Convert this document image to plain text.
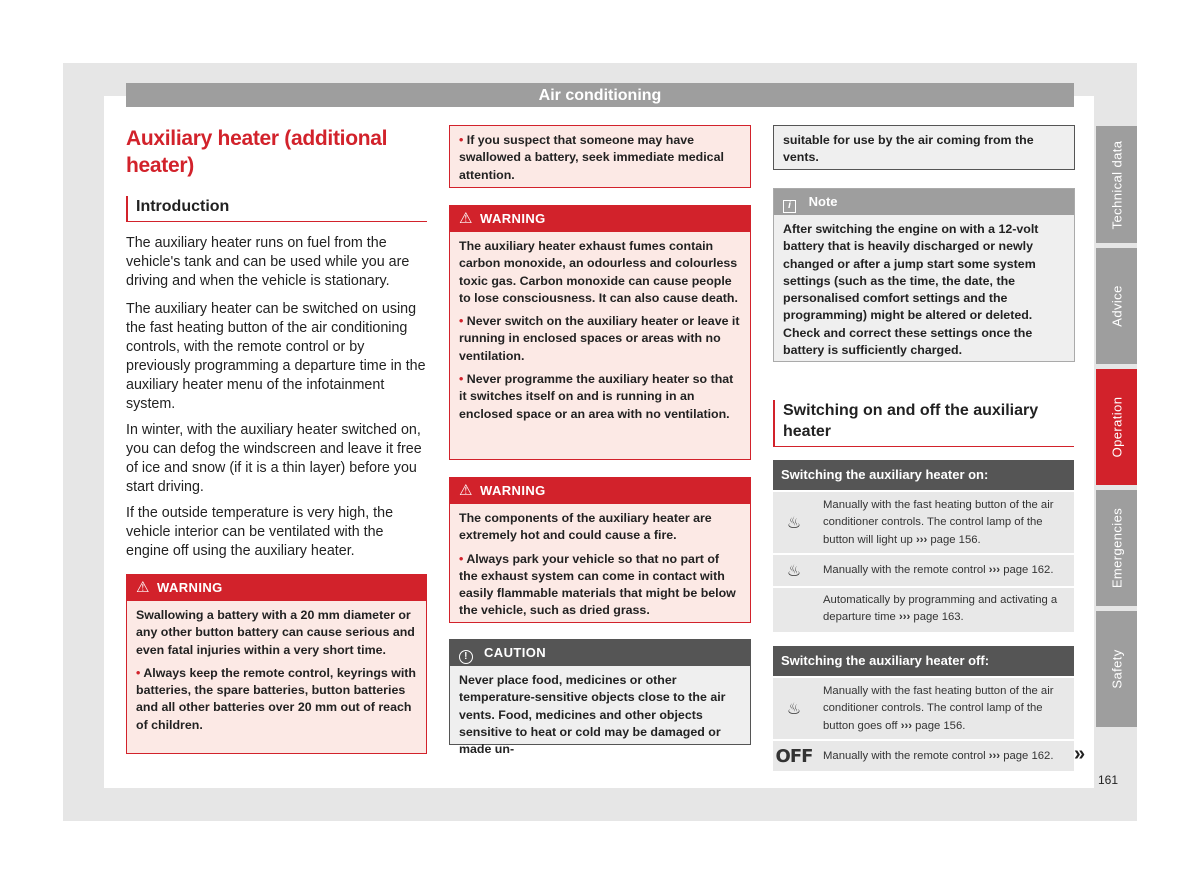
Air conditioning
Auxiliary heater (additional heater)
Introduction
The auxiliary heater runs on fuel from the vehicle's tank and can be used while you are driving and when the vehicle is stationary.
The auxiliary heater can be switched on using the fast heating button of the air conditioning controls, with the remote control or by previously programming a departure time in the auxiliary heater menu of the infotainment system.
In winter, with the auxiliary heater switched on, you can defog the windscreen and leave it free of ice and snow (if it is a thin layer) before you start driving.
If the outside temperature is very high, the vehicle interior can be ventilated with the engine off using the auxiliary heater.
⚠ WARNING

Swallowing a battery with a 20 mm diameter or any other button battery can cause serious and even fatal injuries within a very short time.

• Always keep the remote control, keyrings with batteries, the spare batteries, button batteries and all other batteries over 20 mm out of reach of children.

• If you suspect that someone may have swallowed a battery, seek immediate medical attention.

⚠ WARNING

The auxiliary heater exhaust fumes contain carbon monoxide, an odourless and colourless toxic gas. Carbon monoxide can cause people to lose consciousness. It can also cause death.

• Never switch on the auxiliary heater or leave it running in enclosed spaces or areas with no ventilation.

• Never programme the auxiliary heater so that it switches itself on and is running in an enclosed space or an area with no ventilation.

⚠ WARNING

The components of the auxiliary heater are extremely hot and could cause a fire.

• Always park your vehicle so that no part of the exhaust system can come in contact with easily flammable materials that might be below the vehicle, such as dried grass.

! CAUTION

Never place food, medicines or other temperature-sensitive objects close to the air vents. Food, medicines and other objects sensitive to heat or cold may be damaged or made un-

suitable for use by the air coming from the vents.

i Note

After switching the engine on with a 12-volt battery that is heavily discharged or newly changed or after a jump start some system settings (such as the time, the date, the personalised comfort settings and the programming) might be altered or deleted. Check and correct these settings once the battery is sufficiently charged.

Switching on and off the auxiliary heater
Switching the auxiliary heater on:
♨
Manually with the fast heating button of the air conditioner controls. The control lamp of the button will light up ››› page 156.
♨	Manually with the remote control ››› page 162.
Automatically by programming and activating a departure time ››› page 163.
Switching the auxiliary heater off:
♨
Manually with the fast heating button of the air conditioner controls. The control lamp of the button goes off ››› page 156.
OFF Manually with the remote control ››› page 162.	»
Technical data
Advice
Operation
Emergencies
Safety
161
